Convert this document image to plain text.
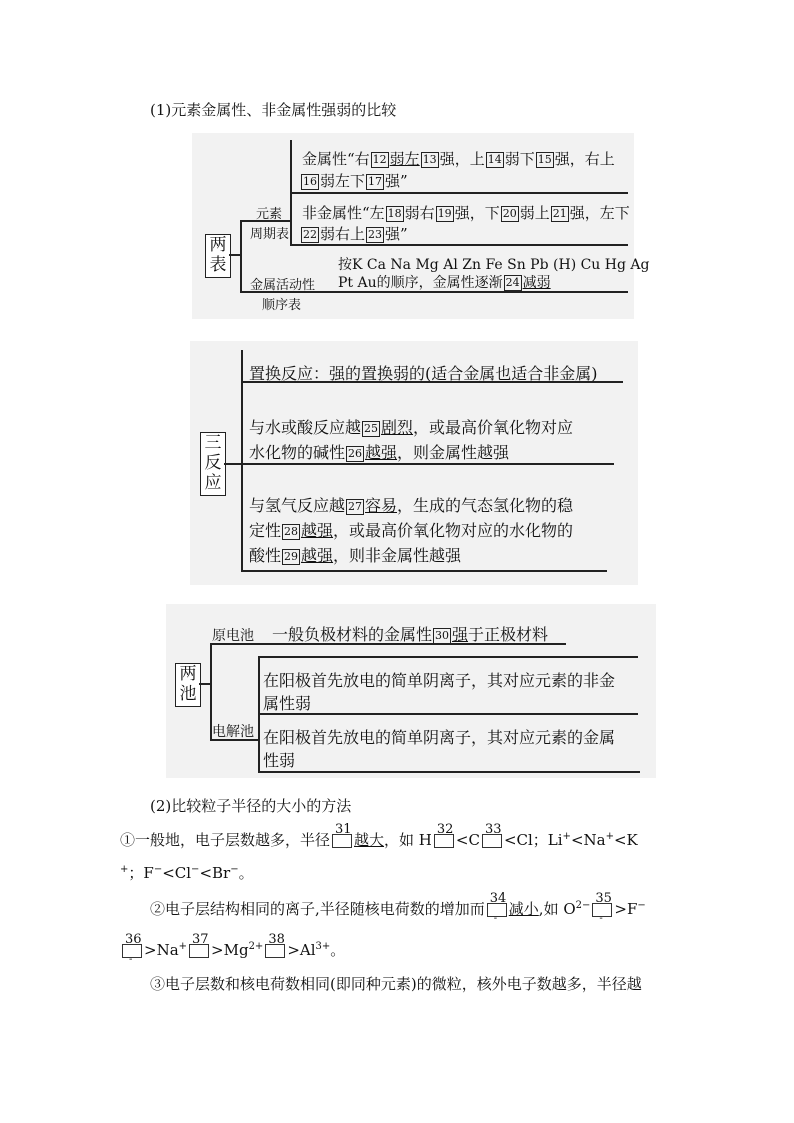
(1)元素金属性、非金属性强弱的比较
两
表
元素
周期表
金属活动性
顺序表
金属性“右 12 弱左 13 强，上 14 弱下 15 强，右上
16 弱左下 17 强”
非金属性“左 18 弱右 19 强，下 20 弱上 21 强，左下
22 弱右上 23 强”
按K Ca Na Mg Al Zn Fe Sn Pb (H) Cu Hg Ag
Pt Au的顺序，金属性逐渐 24 减弱
三
反
应
置换反应：强的置换弱的(适合金属也适合非金属)
与水或酸反应越 25 剧烈，或最高价氧化物对应
水化物的碱性 26 越强，则金属性越强
与氢气反应越 27 容易，生成的气态氢化物的稳
定性 28 越强，或最高价氧化物对应的水化物的
酸性 29 越强，则非金属性越强
两
池
原电池 一般负极材料的金属性 30 强于正极材料
电解池
在阳极首先放电的简单阴离子，其对应元素的非金
属性弱
在阳极首先放电的简单阴离子，其对应元素的金属
性弱
(2)比较粒子半径的大小的方法
①一般地，电子层数越多，半径
31
越大，如 H
32
<C
33
<Cl；Li+<Na+<K
+；F−<Cl−<Br−。
②电子层结构相同的离子,半径随核电荷数的增加而
34
-
减小,如 $O^{2-}$ 35
-
>F−
36
-
>Na+ 37
$>Mg^{2+}$ 38
$>Al^{3+}$。
③电子层数和核电荷数相同(即同种元素)的微粒，核外电子数越多，半径越
